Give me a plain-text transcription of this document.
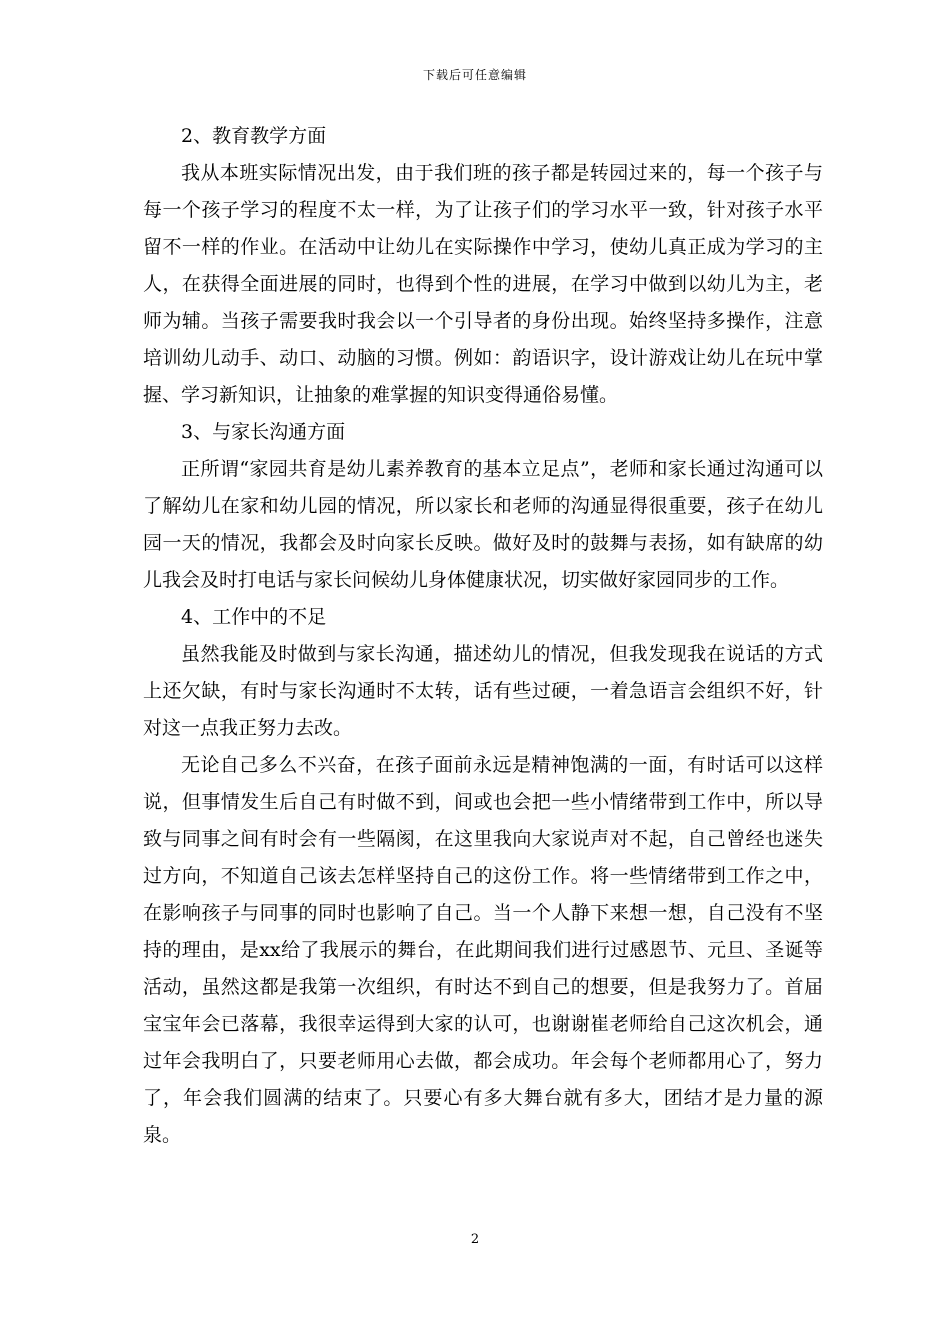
下载后可任意编辑

2、教育教学方面

我从本班实际情况出发，由于我们班的孩子都是转园过来的，每一个孩子与每一个孩子学习的程度不太一样，为了让孩子们的学习水平一致，针对孩子水平留不一样的作业。在活动中让幼儿在实际操作中学习，使幼儿真正成为学习的主人，在获得全面进展的同时，也得到个性的进展，在学习中做到以幼儿为主，老师为辅。当孩子需要我时我会以一个引导者的身份出现。始终坚持多操作，注意培训幼儿动手、动口、动脑的习惯。例如：韵语识字，设计游戏让幼儿在玩中掌握、学习新知识，让抽象的难掌握的知识变得通俗易懂。

3、与家长沟通方面

正所谓“家园共育是幼儿素养教育的基本立足点”，老师和家长通过沟通可以了解幼儿在家和幼儿园的情况，所以家长和老师的沟通显得很重要，孩子在幼儿园一天的情况，我都会及时向家长反映。做好及时的鼓舞与表扬，如有缺席的幼儿我会及时打电话与家长问候幼儿身体健康状况，切实做好家园同步的工作。

4、工作中的不足

虽然我能及时做到与家长沟通，描述幼儿的情况，但我发现我在说话的方式上还欠缺，有时与家长沟通时不太转，话有些过硬，一着急语言会组织不好，针对这一点我正努力去改。

无论自己多么不兴奋，在孩子面前永远是精神饱满的一面，有时话可以这样说，但事情发生后自己有时做不到，间或也会把一些小情绪带到工作中，所以导致与同事之间有时会有一些隔阂，在这里我向大家说声对不起，自己曾经也迷失过方向，不知道自己该去怎样坚持自己的这份工作。将一些情绪带到工作之中，在影响孩子与同事的同时也影响了自己。当一个人静下来想一想，自己没有不坚持的理由，是xx给了我展示的舞台，在此期间我们进行过感恩节、元旦、圣诞等活动，虽然这都是我第一次组织，有时达不到自己的想要，但是我努力了。首届宝宝年会已落幕，我很幸运得到大家的认可，也谢谢崔老师给自己这次机会，通过年会我明白了，只要老师用心去做，都会成功。年会每个老师都用心了，努力了，年会我们圆满的结束了。只要心有多大舞台就有多大，团结才是力量的源泉。

2
